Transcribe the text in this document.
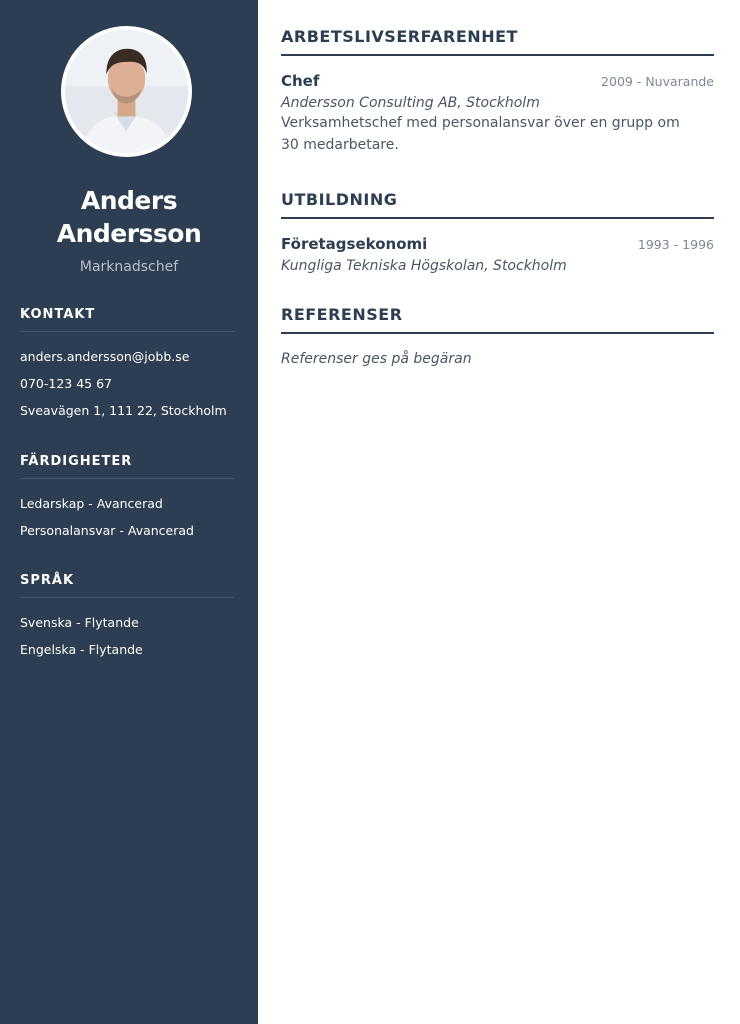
Anders
Andersson
Marknadschef
KONTAKT
anders.andersson@jobb.se
070-123 45 67
Sveavägen 1, 111 22, Stockholm
FÄRDIGHETER
Ledarskap - Avancerad
Personalansvar - Avancerad
SPRÅK
Svenska - Flytande
Engelska - Flytande
ARBETSLIVSERFARENHET
Chef	2009 - Nuvarande
Andersson Consulting AB, Stockholm
Verksamhetschef med personalansvar över en grupp om 30 medarbetare.
UTBILDNING
Företagsekonomi	1993 - 1996
Kungliga Tekniska Högskolan, Stockholm
REFERENSER
Referenser ges på begäran
